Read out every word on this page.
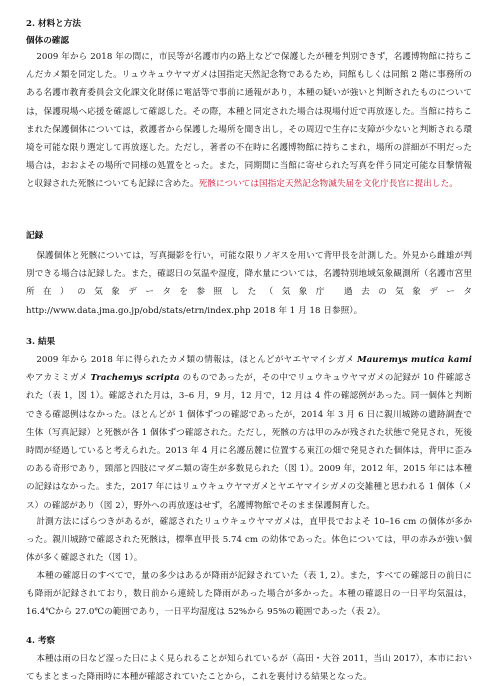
2. 材料と方法
個体の確認

2009 年から 2018 年の間に，市民等が名護市内の路上などで保護したが種を判別できず，名護博物館に持ちこんだカメ類を同定した。リュウキュウヤマガメは国指定天然記念物であるため，同館もしくは同館 2 階に事務所のある名護市教育委員会文化課文化財係に電話等で事前に通報があり，本種の疑いが強いと判断されたものについては，保護現場へ応援を確認して確認した。その際，本種と同定された場合は現場付近で再放逐した。当館に持ちこまれた保護個体については，救護者から保護した場所を聞き出し，その周辺で生存に支障が少ないと判断される環境を可能な限り選定して再放逐した。ただし，著者の不在時に名護博物館に持ちこまれ，場所の詳細が不明だった場合は，おおよその場所で同様の処置をとった。また，同期間に当館に寄せられた写真を伴う同定可能な目撃情報と収録された死骸についても記録に含めた。死骸については国指定天然記念物滅失届を文化庁長官に提出した。

記録

保護個体と死骸については，写真撮影を行い，可能な限りノギスを用いて背甲長を計測した。外見から雌雄が判別できる場合は記録した。また，確認日の気温や湿度，降水量については，名護特別地域気象観測所（名護市宮里所在）の気象データを参照した（気象庁 過去の気象データ http://www.data.jma.go.jp/obd/stats/etrn/index.php 2018 年 1 月 18 日参照）。

3. 結果

2009 年から 2018 年に得られたカメ類の情報は，ほとんどがヤエヤマイシガメ Mauremys mutica kami やアカミミガメ Trachemys scripta のものであったが，その中でリュウキュウヤマガメの記録が 10 件確認された（表 1，図 1）。確認された月は，3–6 月，9 月，12 月で，12 月は 4 件の確認例があった。同一個体と判断できる確認例はなかった。ほとんどが 1 個体ずつの確認であったが，2014 年 3 月 6 日に親川城跡の遺跡調査で生体（写真記録）と死骸が各 1 個体ずつ確認された。ただし，死骸の方は甲のみが残された状態で発見され，死後時間が経過していると考えられた。2013 年 4 月に名護岳麓に位置する東江の畑で発見された個体は，背甲に歪みのある奇形であり，頸部と四肢にマダニ類の寄生が多数見られた（図 1）。2009 年，2012 年，2015 年には本種の記録はなかった。また，2017 年にはリュウキュウヤマガメとヤエヤマイシガメの交雑種と思われる 1 個体（メス）の確認があり（図 2），野外への再放逐はせず，名護博物館でそのまま保護飼育した。

計測方法にばらつきがあるが，確認されたリュウキュウヤマガメは，直甲長でおよそ 10–16 cm の個体が多かった。親川城跡で確認された死骸は，標準直甲長 5.74 cm の幼体であった。体色については，甲の赤みが強い個体が多く確認された（図 1）。

本種の確認日のすべてで，量の多少はあるが降雨が記録されていた（表 1, 2）。また，すべての確認日の前日にも降雨が記録されており，数日前から連続した降雨があった場合が多かった。本種の確認日の一日平均気温は，16.4℃から 27.0℃の範囲であり，一日平均湿度は 52%から 95%の範囲であった（表 2）。

4. 考察

本種は雨の日など湿った日によく見られることが知られているが（高田・大谷 2011，当山 2017），本市においてもまとまった降雨時に本種が確認されていたことから，これを裏付ける結果となった。
